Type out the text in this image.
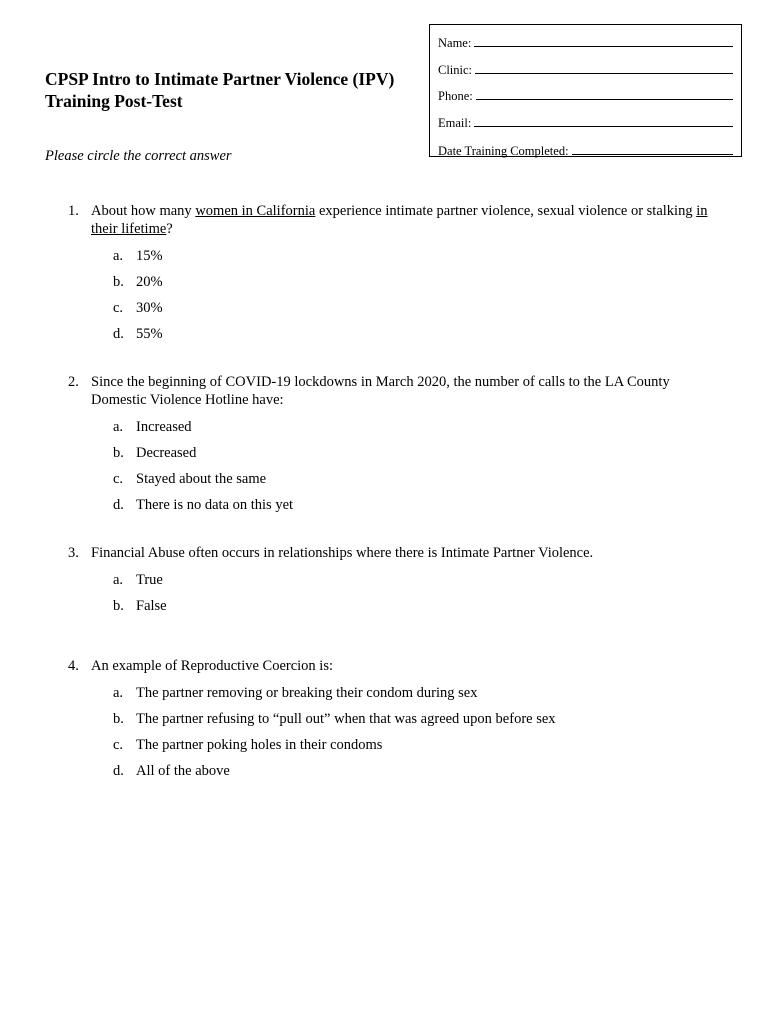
Name:
Clinic:
Phone:
Email:
Date Training Completed:
CPSP Intro to Intimate Partner Violence (IPV)
Training Post-Test
Please circle the correct answer
1. About how many women in California experience intimate partner violence, sexual violence or stalking in their lifetime?
a. 15%
b. 20%
c. 30%
d. 55%
2. Since the beginning of COVID-19 lockdowns in March 2020, the number of calls to the LA County Domestic Violence Hotline have:
a. Increased
b. Decreased
c. Stayed about the same
d. There is no data on this yet
3. Financial Abuse often occurs in relationships where there is Intimate Partner Violence.
a. True
b. False
4. An example of Reproductive Coercion is:
a. The partner removing or breaking their condom during sex
b. The partner refusing to “pull out” when that was agreed upon before sex
c. The partner poking holes in their condoms
d. All of the above
